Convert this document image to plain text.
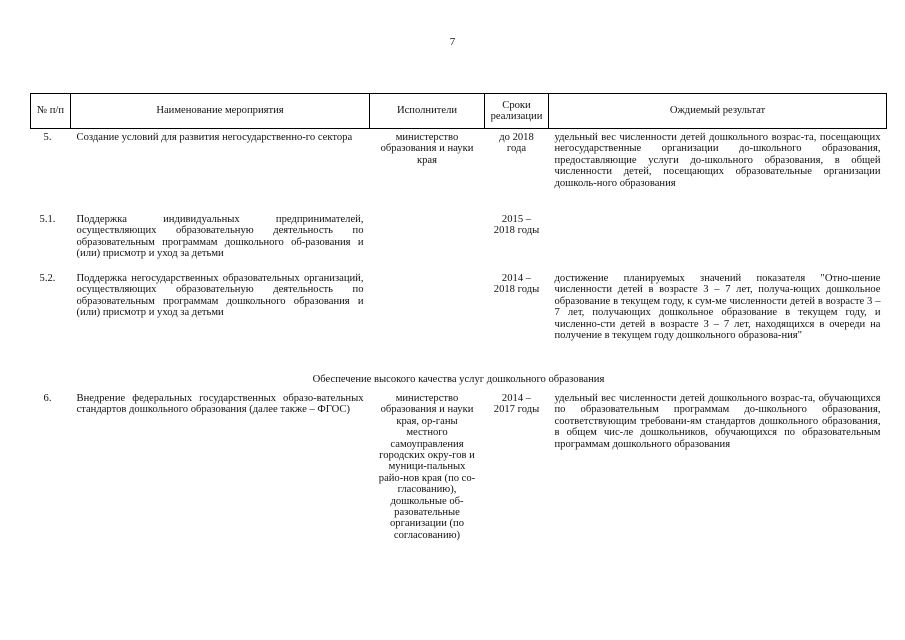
7
№ п/п	Наименование мероприятия	Исполнители	Сроки реализации	Ождиемый результат
5.	Создание условий для развития негосударственно-го сектора	министерство образования и науки края	до 2018 года	удельный вес численности детей дошкольного возрас-та, посещающих негосударственные организации до-школьного образования, предоставляющие услуги до-школьного образования, в общей численности детей, посещающих образовательные организации дошколь-ного образования
5.1.	Поддержка индивидуальных предпринимателей, осуществляющих образовательную деятельность по образовательным программам дошкольного об-разования и (или) присмотр и уход за детьми		2015 – 2018 годы	
5.2.	Поддержка негосударственных образовательных организаций, осуществляющих образовательную деятельность по образовательным программам дошкольного образования и (или) присмотр и уход за детьми		2014 – 2018 годы	достижение планируемых значений показателя "Отно-шение численности детей в возрасте 3 – 7 лет, получа-ющих дошкольное образование в текущем году, к сум-ме численности детей в возрасте 3 – 7 лет, получающих дошкольное образование в текущем году, и численно-сти детей в возрасте 3 – 7 лет, находящихся в очереди на получение в текущем году дошкольного образова-ния"
Обеспечение высокого качества услуг дошкольного образования				
6.	Внедрение федеральных государственных образо-вательных стандартов дошкольного образования (далее также – ФГОС)	министерство образования и науки края, ор-ганы местного самоуправления городских окру-гов и муници-пальных райо-нов края (по со-гласованию), дошкольные об-разовательные организации (по согласованию)	2014 – 2017 годы	удельный вес численности детей дошкольного возрас-та, обучающихся по образовательным программам до-школьного образования, соответствующим требовани-ям стандартов дошкольного образования, в общем чис-ле дошкольников, обучающихся по образовательным программам дошкольного образования
